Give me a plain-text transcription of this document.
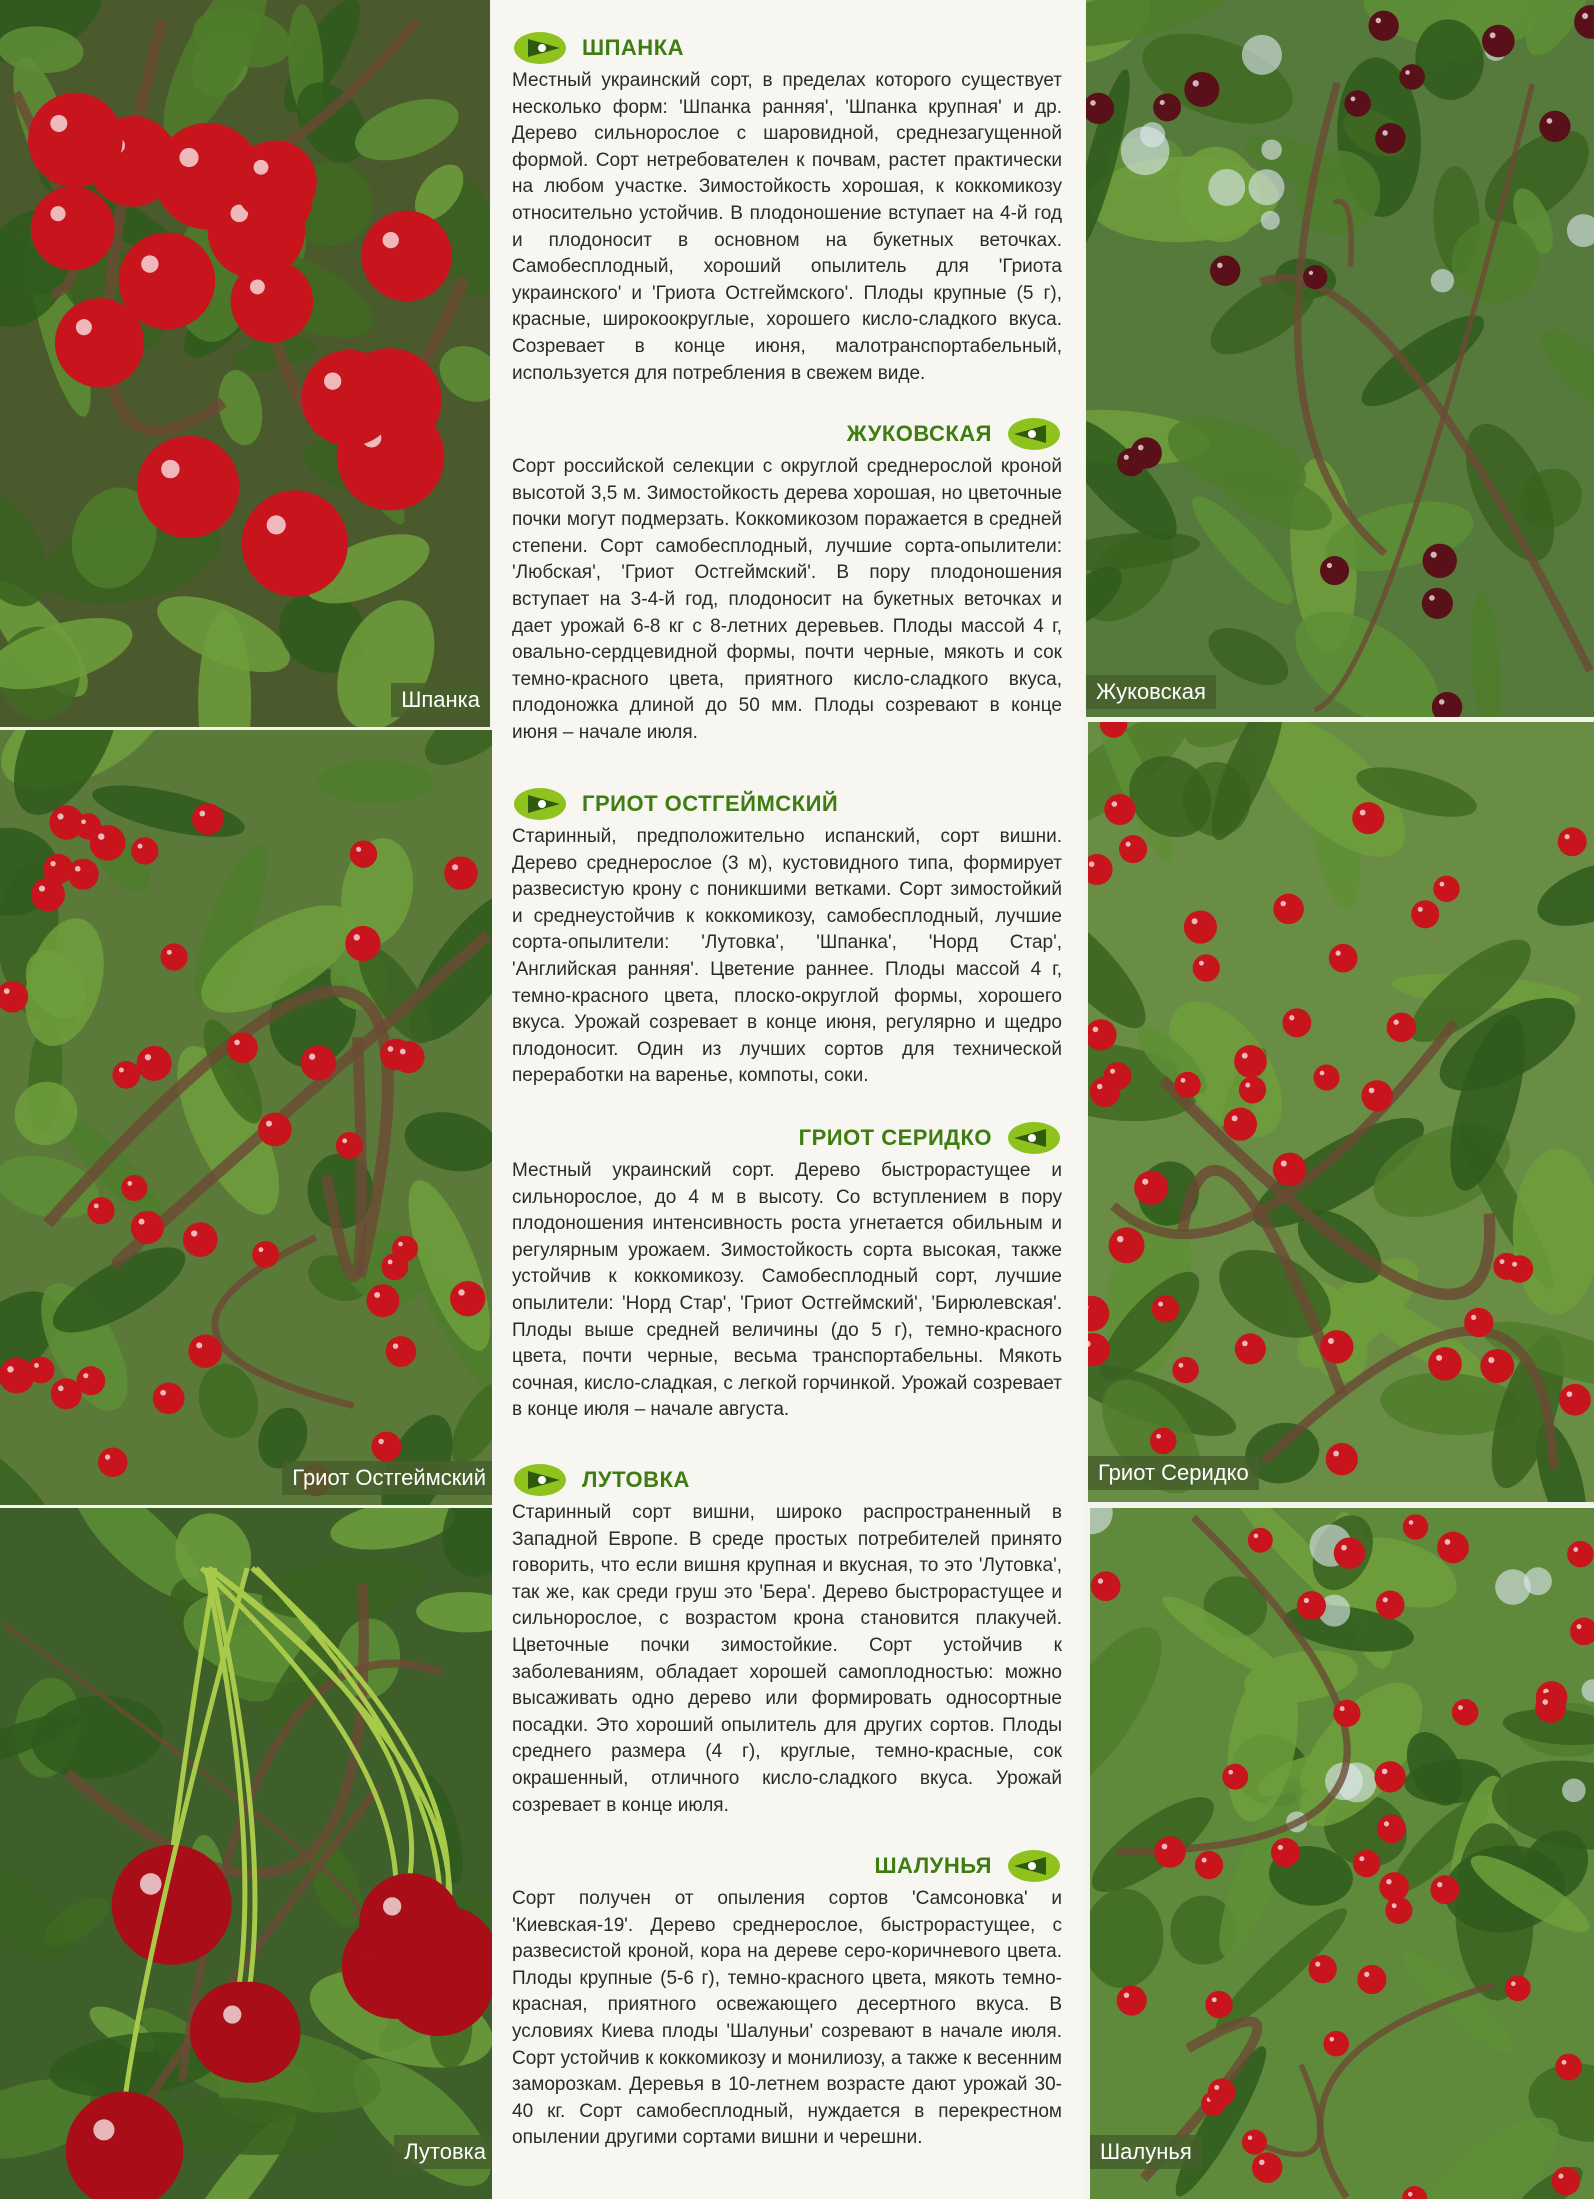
Шпанка
Гриот Остгеймский
Лутовка
Жуковская
Гриот Серидко
Шалунья
ШПАНКА

Местный украинский сорт, в пределах которого существует несколько форм: 'Шпанка ранняя', 'Шпанка крупная' и др. Дерево сильнорослое с шаровидной, среднезагущенной формой. Сорт нетребователен к почвам, растет практически на любом участке. Зимостойкость хорошая, к коккомикозу относительно устойчив. В плодоношение вступает на 4-й год и плодоносит в основном на букетных веточках. Самобесплодный, хороший опылитель для 'Гриота украинского' и 'Гриота Остгеймского'. Плоды крупные (5 г), красные, широкоокруглые, хорошего кисло-сладкого вкуса. Созревает в конце июня, малотранспортабельный, используется для потребления в свежем виде.

ЖУКОВСКАЯ

Сорт российской селекции с округлой среднерослой кроной высотой 3,5 м. Зимостойкость дерева хорошая, но цветочные почки могут подмерзать. Коккомикозом поражается в средней степени. Сорт самобесплодный, лучшие сорта-опылители: 'Любская', 'Гриот Остгеймский'. В пору плодоношения вступает на 3-4-й год, плодоносит на букетных веточках и дает урожай 6-8 кг с 8-летних деревьев. Плоды массой 4 г, овально-сердцевидной формы, почти черные, мякоть и сок темно-красного цвета, приятного кисло-сладкого вкуса, плодоножка длиной до 50 мм. Плоды созревают в конце июня – начале июля.

ГРИОТ ОСТГЕЙМСКИЙ

Старинный, предположительно испанский, сорт вишни. Дерево среднерослое (3 м), кустовидного типа, формирует развесистую крону с поникшими ветками. Сорт зимостойкий и среднеустойчив к коккомикозу, самобесплодный, лучшие сорта-опылители: 'Лутовка', 'Шпанка', 'Норд Стар', 'Английская ранняя'. Цветение раннее. Плоды массой 4 г, темно-красного цвета, плоско-округлой формы, хорошего вкуса. Урожай созревает в конце июня, регулярно и щедро плодоносит. Один из лучших сортов для технической переработки на варенье, компоты, соки.

ГРИОТ СЕРИДКО

Местный украинский сорт. Дерево быстрорастущее и сильнорослое, до 4 м в высоту. Со вступлением в пору плодоношения интенсивность роста угнетается обильным и регулярным урожаем. Зимостойкость сорта высокая, также устойчив к коккомикозу. Самобесплодный сорт, лучшие опылители: 'Норд Стар', 'Гриот Остгеймский', 'Бирюлевская'. Плоды выше средней величины (до 5 г), темно-красного цвета, почти черные, весьма транспортабельны. Мякоть сочная, кисло-сладкая, с легкой горчинкой. Урожай созревает в конце июля – начале августа.

ЛУТОВКА

Старинный сорт вишни, широко распространенный в Западной Европе. В среде простых потребителей принято говорить, что если вишня крупная и вкусная, то это 'Лутовка', так же, как среди груш это 'Бера'. Дерево быстрорастущее и сильнорослое, с возрастом крона становится плакучей. Цветочные почки зимостойкие. Сорт устойчив к заболеваниям, обладает хорошей самоплодностью: можно высаживать одно дерево или формировать односортные посадки. Это хороший опылитель для других сортов. Плоды среднего размера (4 г), круглые, темно-красные, сок окрашенный, отличного кисло-сладкого вкуса. Урожай созревает в конце июля.

ШАЛУНЬЯ

Сорт получен от опыления сортов 'Самсоновка' и 'Киевская-19'. Дерево среднерослое, быстрорастущее, с развесистой кроной, кора на дереве серо-коричневого цвета. Плоды крупные (5-6 г), темно-красного цвета, мякоть темно-красная, приятного освежающего десертного вкуса. В условиях Киева плоды 'Шалуньи' созревают в начале июля. Сорт устойчив к коккомикозу и монилиозу, а также к весенним заморозкам. Деревья в 10-летнем возрасте дают урожай 30-40 кг. Сорт самобесплодный, нуждается в перекрестном опылении другими сортами вишни и черешни.
